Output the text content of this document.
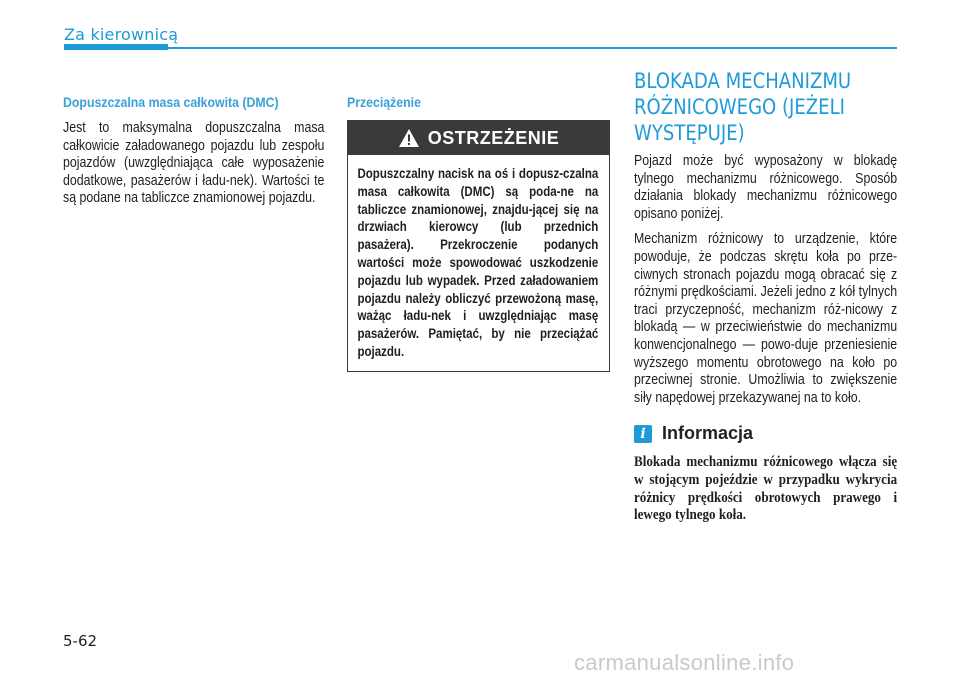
Za kierownicą
Dopuszczalna masa całkowita (DMC)

Jest to maksymalna dopuszczalna masa całkowicie załadowanego pojazdu lub zespołu pojazdów (uwzględniająca całe wyposażenie dodatkowe, pasażerów i ładu-nek). Wartości te są podane na tabliczce znamionowej pojazdu.

Przeciążenie
OSTRZEŻENIE
Dopuszczalny nacisk na oś i dopusz-czalna masa całkowita (DMC) są poda-ne na tabliczce znamionowej, znajdu-jącej się na drzwiach kierowcy (lub przednich pasażera). Przekroczenie podanych wartości może spowodować uszkodzenie pojazdu lub wypadek. Przed załadowaniem pojazdu należy obliczyć przewożoną masę, ważąc ładu-nek i uwzględniając masę pasażerów. Pamiętać, by nie przeciążać pojazdu.
BLOKADA MECHANIZMU RÓŻNICOWEGO (JEŻELI WYSTĘPUJE)

Pojazd może być wyposażony w blokadę tylnego mechanizmu różnicowego. Sposób działania blokady mechanizmu różnicowego opisano poniżej.

Mechanizm różnicowy to urządzenie, które powoduje, że podczas skrętu koła po prze-ciwnych stronach pojazdu mogą obracać się z różnymi prędkościami. Jeżeli jedno z kół tylnych traci przyczepność, mechanizm róż-nicowy z blokadą — w przeciwieństwie do mechanizmu konwencjonalnego — powo-duje przeniesienie wyższego momentu obrotowego na koło po przeciwnej stronie. Umożliwia to zwiększenie siły napędowej przekazywanej na to koło.

i Informacja
Blokada mechanizmu różnicowego włącza się w stojącym pojeździe w przypadku wykrycia różnicy prędkości obrotowych prawego i lewego tylnego koła.
5-62
carmanualsonline.info
